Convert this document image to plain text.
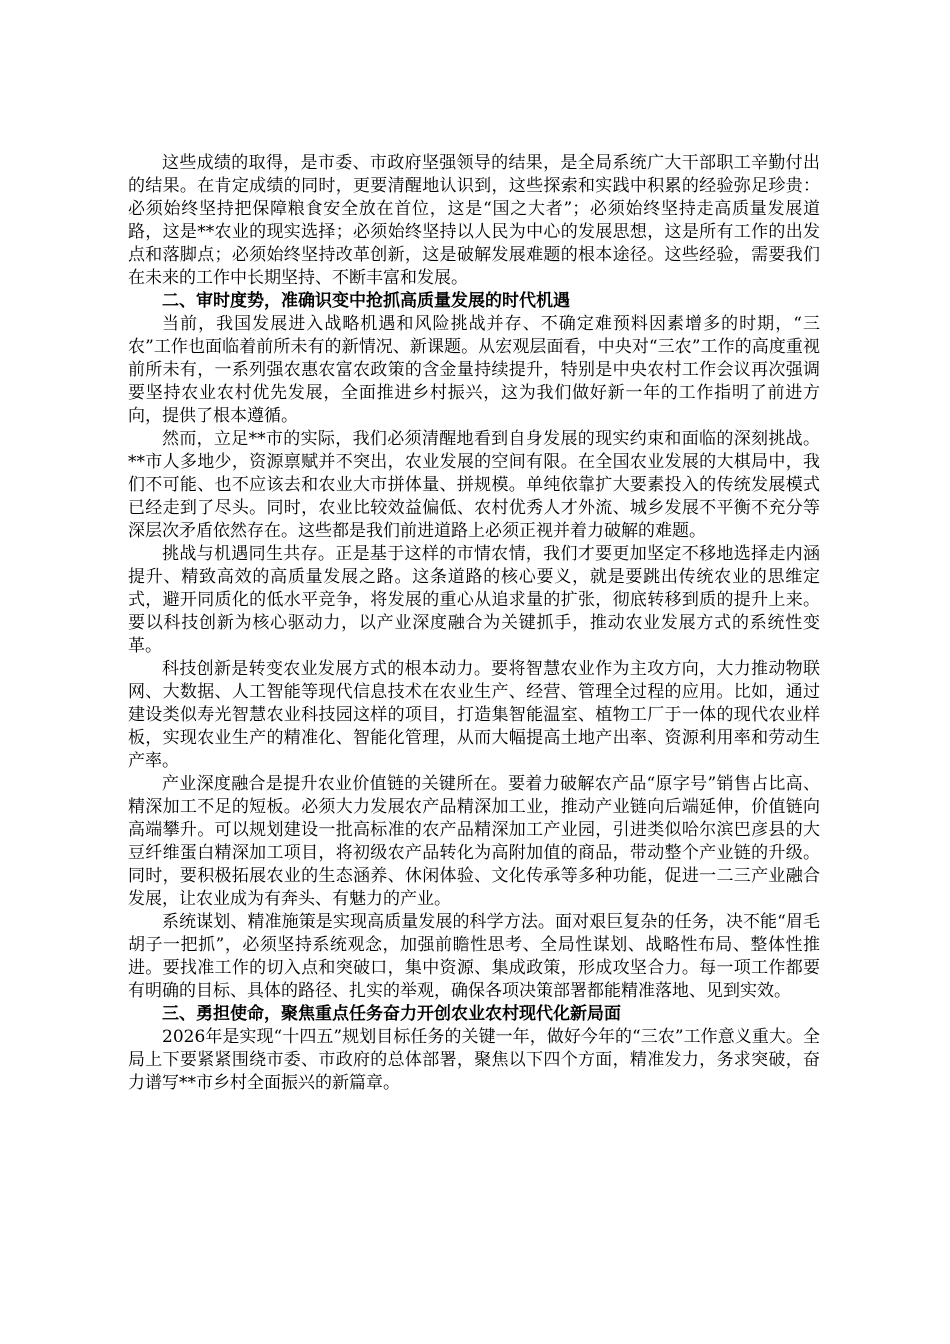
这些成绩的取得，是市委、市政府坚强领导的结果，是全局系统广大干部职工辛勤付出的结果。在肯定成绩的同时，更要清醒地认识到，这些探索和实践中积累的经验弥足珍贵：必须始终坚持把保障粮食安全放在首位，这是“国之大者”；必须始终坚持走高质量发展道路，这是**农业的现实选择；必须始终坚持以人民为中心的发展思想，这是所有工作的出发点和落脚点；必须始终坚持改革创新，这是破解发展难题的根本途径。这些经验，需要我们在未来的工作中长期坚持、不断丰富和发展。

二、审时度势，准确识变中抢抓高质量发展的时代机遇

当前，我国发展进入战略机遇和风险挑战并存、不确定难预料因素增多的时期，“三农”工作也面临着前所未有的新情况、新课题。从宏观层面看，中央对“三农”工作的高度重视前所未有，一系列强农惠农富农政策的含金量持续提升，特别是中央农村工作会议再次强调要坚持农业农村优先发展，全面推进乡村振兴，这为我们做好新一年的工作指明了前进方向，提供了根本遵循。

然而，立足**市的实际，我们必须清醒地看到自身发展的现实约束和面临的深刻挑战。**市人多地少，资源禀赋并不突出，农业发展的空间有限。在全国农业发展的大棋局中，我们不可能、也不应该去和农业大市拼体量、拼规模。单纯依靠扩大要素投入的传统发展模式已经走到了尽头。同时，农业比较效益偏低、农村优秀人才外流、城乡发展不平衡不充分等深层次矛盾依然存在。这些都是我们前进道路上必须正视并着力破解的难题。

挑战与机遇同生共存。正是基于这样的市情农情，我们才要更加坚定不移地选择走内涵提升、精致高效的高质量发展之路。这条道路的核心要义，就是要跳出传统农业的思维定式，避开同质化的低水平竞争，将发展的重心从追求量的扩张，彻底转移到质的提升上来。要以科技创新为核心驱动力，以产业深度融合为关键抓手，推动农业发展方式的系统性变革。

科技创新是转变农业发展方式的根本动力。要将智慧农业作为主攻方向，大力推动物联网、大数据、人工智能等现代信息技术在农业生产、经营、管理全过程的应用。比如，通过建设类似寿光智慧农业科技园这样的项目，打造集智能温室、植物工厂于一体的现代农业样板，实现农业生产的精准化、智能化管理，从而大幅提高土地产出率、资源利用率和劳动生产率。

产业深度融合是提升农业价值链的关键所在。要着力破解农产品“原字号”销售占比高、精深加工不足的短板。必须大力发展农产品精深加工业，推动产业链向后端延伸，价值链向高端攀升。可以规划建设一批高标准的农产品精深加工产业园，引进类似哈尔滨巴彦县的大豆纤维蛋白精深加工项目，将初级农产品转化为高附加值的商品，带动整个产业链的升级。同时，要积极拓展农业的生态涵养、休闲体验、文化传承等多种功能，促进一二三产业融合发展，让农业成为有奔头、有魅力的产业。

系统谋划、精准施策是实现高质量发展的科学方法。面对艰巨复杂的任务，决不能“眉毛胡子一把抓”，必须坚持系统观念，加强前瞻性思考、全局性谋划、战略性布局、整体性推进。要找准工作的切入点和突破口，集中资源、集成政策，形成攻坚合力。每一项工作都要有明确的目标、具体的路径、扎实的举观，确保各项决策部署都能精准落地、见到实效。

三、勇担使命，聚焦重点任务奋力开创农业农村现代化新局面

2026年是实现“十四五”规划目标任务的关键一年，做好今年的“三农”工作意义重大。全局上下要紧紧围绕市委、市政府的总体部署，聚焦以下四个方面，精准发力，务求突破，奋力谱写**市乡村全面振兴的新篇章。
